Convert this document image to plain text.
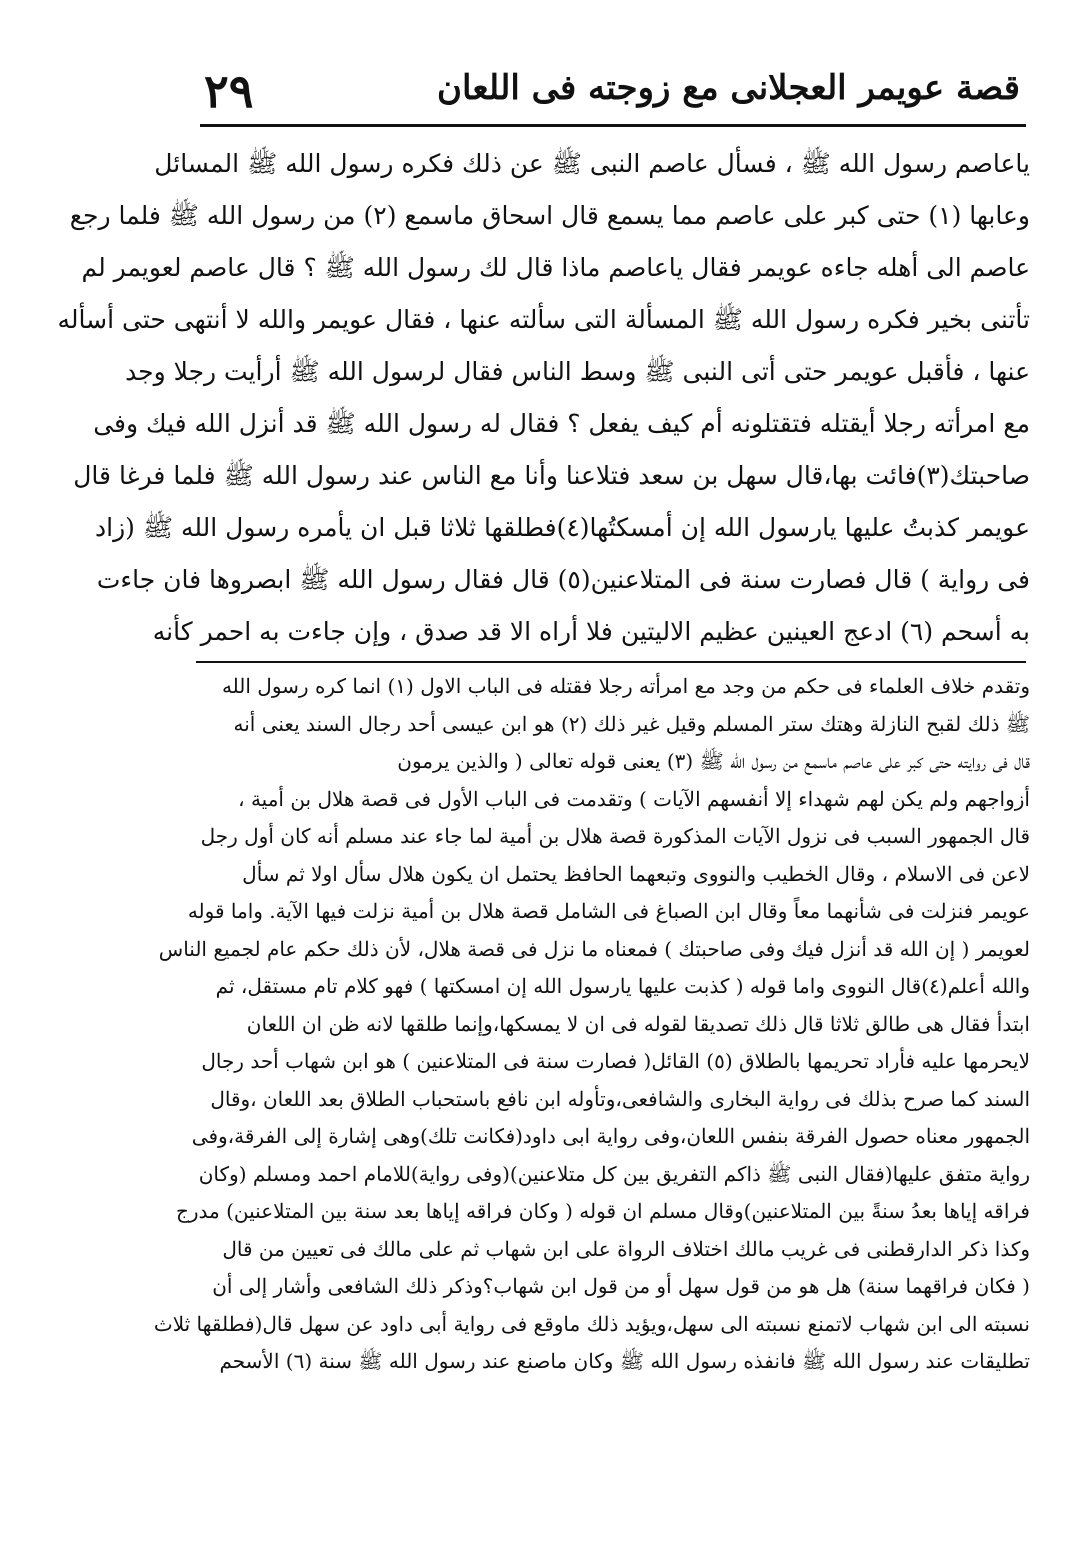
قصة عويمر العجلانى مع زوجته فى اللعان
٢٩
ياعاصم رسول الله ﷺ ، فسأل عاصم النبى ﷺ عن ذلك فكره رسول الله ﷺ المسائل
وعابها (١) حتى كبر على عاصم مما يسمع قال اسحاق ماسمع (٢) من رسول الله ﷺ فلما رجع
عاصم الى أهله جاءه عويمر فقال ياعاصم ماذا قال لك رسول الله ﷺ ؟ قال عاصم لعويمر لم
تأتنى بخير فكره رسول الله ﷺ المسألة التى سألته عنها ، فقال عويمر والله لا أنتهى حتى أسأله
عنها ، فأقبل عويمر حتى أتى النبى ﷺ وسط الناس فقال لرسول الله ﷺ أرأيت رجلا وجد
مع امرأته رجلا أيقتله فتقتلونه أم كيف يفعل ؟ فقال له رسول الله ﷺ قد أنزل الله فيك وفى
صاحبتك(٣)فائت بها،قال سهل بن سعد فتلاعنا وأنا مع الناس عند رسول الله ﷺ فلما فرغا قال
عويمر كذبتُ عليها يارسول الله إن أمسكتُها(٤)فطلقها ثلاثا قبل ان يأمره رسول الله ﷺ (زاد
فى رواية ) قال فصارت سنة فى المتلاعنين(٥) قال فقال رسول الله ﷺ ابصروها فان جاءت
به أسحم (٦) ادعج العينين عظيم الاليتين فلا أراه الا قد صدق ، وإن جاءت به احمر كأنه
وتقدم خلاف العلماء فى حكم من وجد مع امرأته رجلا فقتله فى الباب الاول (١) انما كره رسول الله
ﷺ ذلك لقبح النازلة وهتك ستر المسلم وقيل غير ذلك (٢) هو ابن عيسى أحد رجال السند يعنى أنه
قال فى روايته حتى كبر على عاصم ماسمع من رسول الله ﷺ (٣) يعنى قوله تعالى ( والذين يرمون
أزواجهم ولم يكن لهم شهداء إلا أنفسهم الآيات ) وتقدمت فى الباب الأول فى قصة هلال بن أمية ،
قال الجمهور السبب فى نزول الآيات المذكورة قصة هلال بن أمية لما جاء عند مسلم أنه كان أول رجل
لاعن فى الاسلام ، وقال الخطيب والنووى وتبعهما الحافظ يحتمل ان يكون هلال سأل اولا ثم سأل
عويمر فنزلت فى شأنهما معاً وقال ابن الصباغ فى الشامل قصة هلال بن أمية نزلت فيها الآية. واما قوله
لعويمر ( إن الله قد أنزل فيك وفى صاحبتك ) فمعناه ما نزل فى قصة هلال، لأن ذلك حكم عام لجميع الناس
والله أعلم(٤)قال النووى واما قوله ( كذبت عليها يارسول الله إن امسكتها ) فهو كلام تام مستقل، ثم
ابتدأ فقال هى طالق ثلاثا قال ذلك تصديقا لقوله فى ان لا يمسكها،وإنما طلقها لانه ظن ان اللعان
لايحرمها عليه فأراد تحريمها بالطلاق (٥) القائل( فصارت سنة فى المتلاعنين ) هو ابن شهاب أحد رجال
السند كما صرح بذلك فى رواية البخارى والشافعى،وتأوله ابن نافع باستحباب الطلاق بعد اللعان ،وقال
الجمهور معناه حصول الفرقة بنفس اللعان،وفى رواية ابى داود(فكانت تلك)وهى إشارة إلى الفرقة،وفى
رواية متفق عليها(فقال النبى ﷺ ذاكم التفريق بين كل متلاعنين)(وفى رواية)للامام احمد ومسلم (وكان
فراقه إياها بعدُ سنةً بين المتلاعنين)وقال مسلم ان قوله ( وكان فراقه إياها بعد سنة بين المتلاعنين) مدرج
وكذا ذكر الدارقطنى فى غريب مالك اختلاف الرواة على ابن شهاب ثم على مالك فى تعيين من قال
( فكان فراقهما سنة) هل هو من قول سهل أو من قول ابن شهاب؟وذكر ذلك الشافعى وأشار إلى أن
نسبته الى ابن شهاب لاتمنع نسبته الى سهل،ويؤيد ذلك ماوقع فى رواية أبى داود عن سهل قال(فطلقها ثلاث
تطليقات عند رسول الله ﷺ فانفذه رسول الله ﷺ وكان ماصنع عند رسول الله ﷺ سنة (٦) الأسحم
